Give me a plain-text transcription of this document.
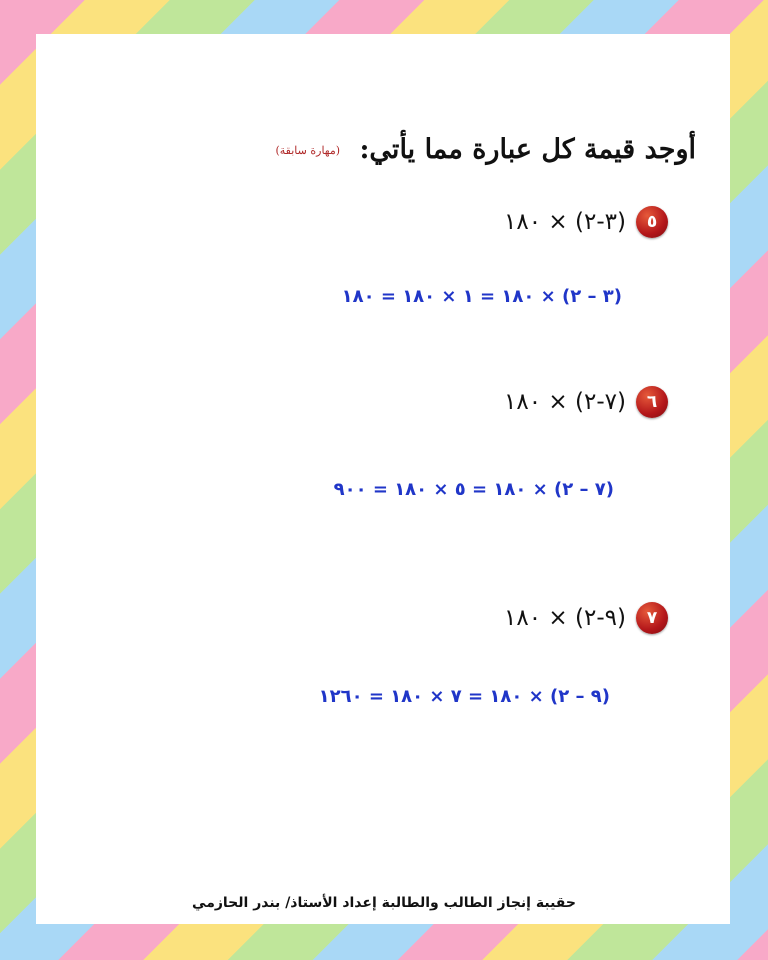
أوجد قيمة كل عبارة مما يأتي: (مهارة سابقة)
٥
(٣-٢) × ١٨٠
(٣ – ٢) × ١٨٠ = ١ × ١٨٠ = ١٨٠
٦
(٧-٢) × ١٨٠
(٧ – ٢) × ١٨٠ = ٥ × ١٨٠ = ٩٠٠
٧
(٩-٢) × ١٨٠
(٩ – ٢) × ١٨٠ = ٧ × ١٨٠ = ١٢٦٠
حقيبة إنجاز الطالب والطالبة إعداد الأستاذ/ بندر الحازمي
